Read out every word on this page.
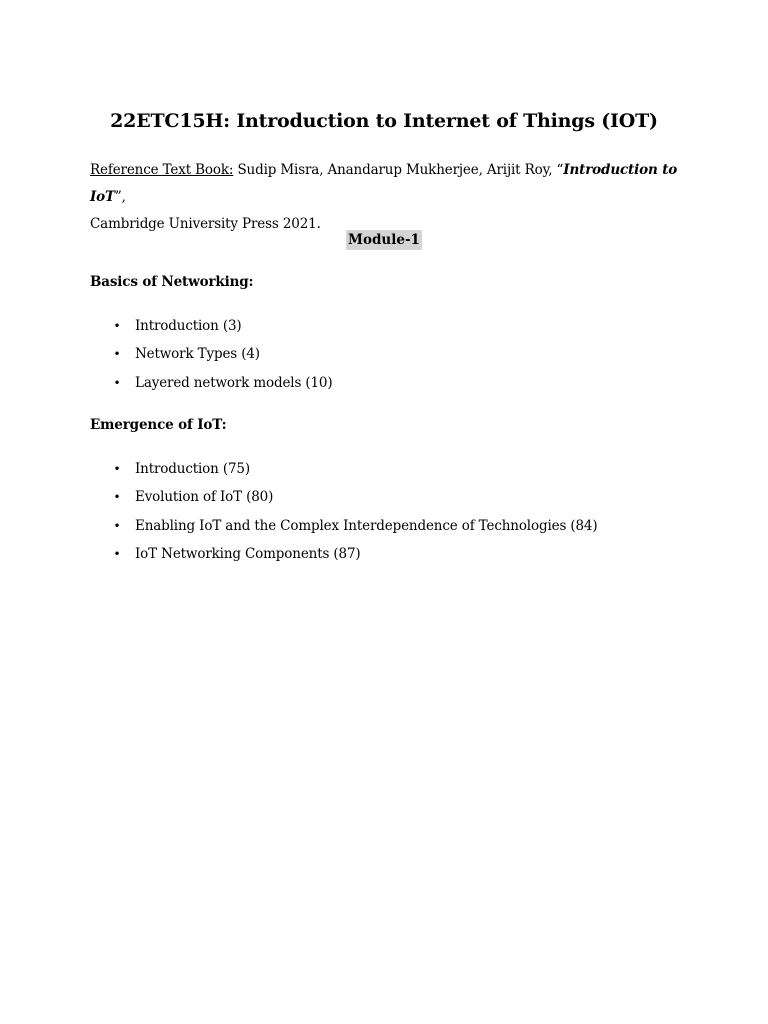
22ETC15H: Introduction to Internet of Things (IOT)
Reference Text Book: Sudip Misra, Anandarup Mukherjee, Arijit Roy, “Introduction to IoT”,
Cambridge University Press 2021.
Module-1
Basics of Networking:
• Introduction (3)
• Network Types (4)
• Layered network models (10)
Emergence of IoT:
• Introduction (75)
• Evolution of IoT (80)
• Enabling IoT and the Complex Interdependence of Technologies (84)
• IoT Networking Components (87)
